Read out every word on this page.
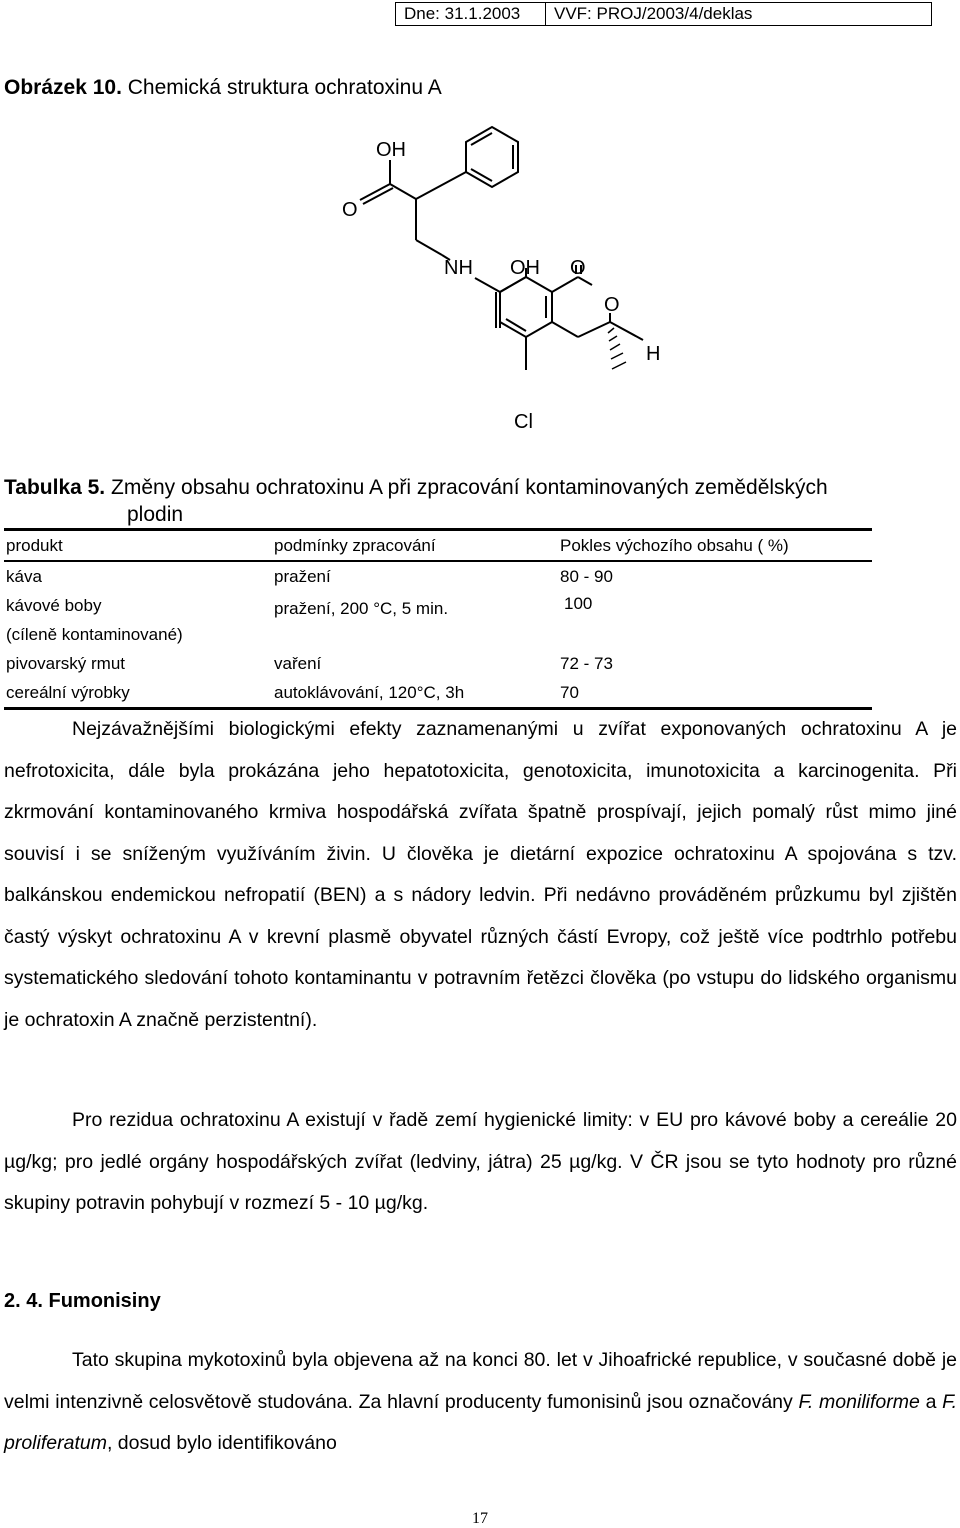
Dne: 31.1.2003	VVF: PROJ/2003/4/deklas
Obrázek 10. Chemická struktura ochratoxinu A
OH
O
NH OH O
O
H
Cl
Tabulka 5. Změny obsahu ochratoxinu A při zpracování kontaminovaných zemědělských
plodin
produkt	podmínky zpracování	Pokles výchozího obsahu ( %)
káva	pražení	80 - 90
kávové boby	pražení, 200 °C, 5 min.	100
(cíleně kontaminované)
pivovarský rmut	vaření	72 - 73
cereální výrobky	autoklávování, 120°C, 3h	70

Nejzávažnějšími biologickými efekty zaznamenanými u zvířat exponovaných ochratoxinu A je nefrotoxicita, dále byla prokázána jeho hepatotoxicita, genotoxicita, imunotoxicita a karcinogenita. Při zkrmování kontaminovaného krmiva hospodářská zvířata špatně prospívají, jejich pomalý růst mimo jiné souvisí i se sníženým využíváním živin. U člověka je dietární expozice ochratoxinu A spojována s tzv. balkánskou endemickou nefropatií (BEN) a s nádory ledvin. Při nedávno prováděném průzkumu byl zjištěn častý výskyt ochratoxinu A v krevní plasmě obyvatel různých částí Evropy, což ještě více podtrhlo potřebu systematického sledování tohoto kontaminantu v potravním řetězci člověka (po vstupu do lidského organismu je ochratoxin A značně perzistentní).

Pro rezidua ochratoxinu A existují v řadě zemí hygienické limity: v EU pro kávové boby a cereálie 20 µg/kg; pro jedlé orgány hospodářských zvířat (ledviny, játra) 25 µg/kg. V ČR jsou se tyto hodnoty pro různé skupiny potravin pohybují v rozmezí 5 - 10 µg/kg.

2. 4. Fumonisiny

Tato skupina mykotoxinů byla objevena až na konci 80. let v Jihoafrické republice, v současné době je velmi intenzivně celosvětově studována. Za hlavní producenty fumonisinů jsou označovány F. moniliforme a F. proliferatum, dosud bylo identifikováno

17
